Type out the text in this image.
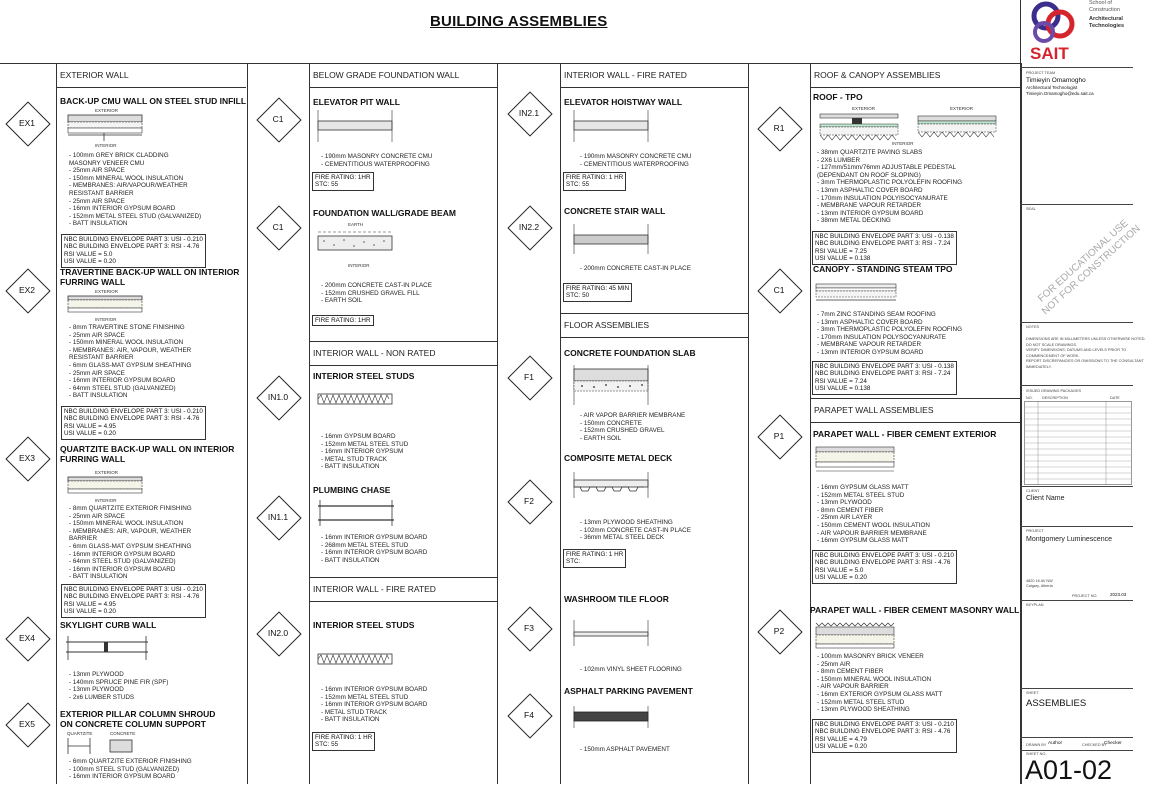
BUILDING ASSEMBLIES
EXTERIOR WALL	BELOW GRADE FOUNDATION WALL	INTERIOR WALL - FIRE RATED	ROOF & CANOPY ASSEMBLIES
INTERIOR WALL - NON RATED
INTERIOR WALL - FIRE RATED
FLOOR ASSEMBLIES
PARAPET WALL ASSEMBLIES
EX1
EX2
EX3
EX4
EX5
C1
C1
IN1.0
IN1.1
IN2.0
IN2.1
IN2.2
F1
F2
F3
F4
R1
C1
P1
P2
BACK-UP CMU WALL ON STEEL STUD INFILL
EXTERIOR
INTERIOR
- 100mm GREY BRICK CLADDING
MASONRY VENEER CMU
- 25mm AIR SPACE
- 150mm MINERAL WOOL INSULATION
- MEMBRANES: AIR/VAPOUR/WEATHER
RESISTANT BARRIER
- 25mm AIR SPACE
- 16mm INTERIOR GYPSUM BOARD
- 152mm METAL STEEL STUD (GALVANIZED)
- BATT INSULATION
NBC BUILDING ENVELOPE PART 3: USI - 0.210
NBC BUILDING ENVELOPE PART 3: RSI - 4.76
RSI VALUE = 5.0
USI VALUE = 0.20
TRAVERTINE BACK-UP WALL ON INTERIOR
FURRING WALL
EXTERIOR
INTERIOR
- 8mm TRAVERTINE STONE FINISHING
- 25mm AIR SPACE
- 150mm MINERAL WOOL INSULATION
- MEMBRANES: AIR, VAPOUR, WEATHER
RESISTANT BARRIER
- 6mm GLASS-MAT GYPSUM SHEATHING
- 25mm AIR SPACE
- 16mm INTERIOR GYPSUM BOARD
- 64mm STEEL STUD (GALVANIZED)
- BATT INSULATION
NBC BUILDING ENVELOPE PART 3: USI - 0.210
NBC BUILDING ENVELOPE PART 3: RSI - 4.76
RSI VALUE = 4.95
USI VALUE = 0.20
QUARTZITE BACK-UP WALL ON INTERIOR
FURRING WALL
EXTERIOR
INTERIOR
- 8mm QUARTZITE EXTERIOR FINISHING
- 25mm AIR SPACE
- 150mm MINERAL WOOL INSULATION
- MEMBRANES: AIR, VAPOUR, WEATHER
BARRIER
- 6mm GLASS-MAT GYPSUM SHEATHING
- 16mm INTERIOR GYPSUM BOARD
- 64mm STEEL STUD (GALVANIZED)
- 16mm INTERIOR GYPSUM BOARD
- BATT INSULATION
NBC BUILDING ENVELOPE PART 3: USI - 0.210
NBC BUILDING ENVELOPE PART 3: RSI - 4.76
RSI VALUE = 4.95
USI VALUE = 0.20
SKYLIGHT CURB WALL
- 13mm PLYWOOD
- 140mm SPRUCE PINE FIR (SPF)
- 13mm PLYWOOD
- 2x6 LUMBER STUDS
EXTERIOR PILLAR COLUMN SHROUD
ON CONCRETE COLUMN SUPPORT
QUARTZITE	CONCRETE
- 6mm QUARTZITE EXTERIOR FINISHING
- 100mm STEEL STUD (GALVANIZED)
- 16mm INTERIOR GYPSUM BOARD
ELEVATOR PIT WALL
- 190mm MASONRY CONCRETE CMU
- CEMENTITIOUS WATERPROOFING
FIRE RATING: 1HR
STC: 55
FOUNDATION WALL/GRADE BEAM
EARTH
INTERIOR
- 200mm CONCRETE CAST-IN PLACE
- 152mm CRUSHED GRAVEL FILL
- EARTH SOIL
FIRE RATING: 1HR
INTERIOR STEEL STUDS
- 16mm GYPSUM BOARD
- 152mm METAL STEEL STUD
- 16mm INTERIOR GYPSUM
- METAL STUD TRACK
- BATT INSULATION
PLUMBING CHASE
- 16mm INTERIOR GYPSUM BOARD
- 268mm METAL STEEL STUD
- 16mm INTERIOR GYPSUM BOARD
- BATT INSULATION
INTERIOR STEEL STUDS
- 16mm INTERIOR GYPSUM BOARD
- 152mm METAL STEEL STUD
- 16mm INTERIOR GYPSUM BOARD
- METAL STUD TRACK
- BATT INSULATION
FIRE RATING: 1 HR
STC: 55
ELEVATOR HOISTWAY WALL
- 190mm MASONRY CONCRETE CMU
- CEMENTITIOUS WATERPROOFING
FIRE RATING: 1 HR
STC: 55
CONCRETE STAIR WALL
- 200mm CONCRETE CAST-IN PLACE
FIRE RATING: 45 MIN
STC: 50
CONCRETE FOUNDATION SLAB
- AIR VAPOR BARRIER MEMBRANE
- 150mm CONCRETE
- 152mm CRUSHED GRAVEL
- EARTH SOIL
COMPOSITE METAL DECK
- 13mm PLYWOOD SHEATHING
- 102mm CONCRETE CAST-IN PLACE
- 36mm METAL STEEL DECK
FIRE RATING: 1 HR
STC:
WASHROOM TILE FLOOR
- 102mm VINYL SHEET FLOORING
ASPHALT PARKING PAVEMENT
- 150mm ASPHALT PAVEMENT
ROOF - TPO
EXTERIOR	EXTERIOR
INTERIOR
- 38mm QUARTZITE PAVING SLABS
- 2X6 LUMBER
- 127mm/51mm/76mm ADJUSTABLE PEDESTAL
(DEPENDANT ON ROOF SLOPING)
- 3mm THERMOPLASTIC POLYOLEFIN ROOFING
- 13mm ASPHALTIC COVER BOARD
- 170mm INSULATION POLYISOCYANURATE
- MEMBRANE VAPOUR RETARDER
- 13mm INTERIOR GYPSUM BOARD
- 38mm METAL DECKING
NBC BUILDING ENVELOPE PART 3: USI - 0.138
NBC BUILDING ENVELOPE PART 3: RSI - 7.24
RSI VALUE = 7.25
USI VALUE = 0.138
CANOPY - STANDING STEAM TPO
- 7mm ZINC STANDING SEAM ROOFING
- 13mm ASPHALTIC COVER BOARD
- 3mm THERMOPLASTIC POLYOLEFIN ROOFING
- 170mm INSULATION POLYSOCYANURATE
- MEMBRANE VAPOUR RETARDER
- 13mm INTERIOR GYPSUM BOARD
NBC BUILDING ENVELOPE PART 3: USI - 0.138
NBC BUILDING ENVELOPE PART 3: RSI - 7.24
RSI VALUE = 7.24
USI VALUE = 0.138
PARAPET WALL - FIBER CEMENT EXTERIOR
- 16mm GYPSUM GLASS MATT
- 152mm METAL STEEL STUD
- 13mm PLYWOOD
- 8mm CEMENT FIBER
- 25mm AIR LAYER
- 150mm CEMENT WOOL INSULATION
- AIR VAPOUR BARRIER MEMBRANE
- 16mm GYPSUM GLASS MATT
NBC BUILDING ENVELOPE PART 3: USI - 0.210
NBC BUILDING ENVELOPE PART 3: RSI - 4.76
RSI VALUE = 5.0
USI VALUE = 0.20
PARAPET WALL - FIBER CEMENT MASONRY WALL
- 100mm MASONRY BRICK VENEER
- 25mm AIR
- 8mm CEMENT FIBER
- 150mm MINERAL WOOL INSULATION
- AIR VAPOUR BARRIER
- 16mm EXTERIOR GYPSUM GLASS MATT
- 152mm METAL STEEL STUD
- 13mm PLYWOOD SHEATHING
NBC BUILDING ENVELOPE PART 3: USI - 0.210
NBC BUILDING ENVELOPE PART 3: RSI - 4.76
RSI VALUE = 4.79
USI VALUE = 0.20
SAIT
School of
Construction
Architectural
Technologies
PROJECT TEAM
Timieyin Omamogho
Architectural Technologist
Timieyin.Omamogho@edu.sait.ca
SEAL
FOR EDUCATIONAL USE
NOT FOR CONSTRUCTION
NOTES
DIMENSIONS ARE IN MILLIMETERS UNLESS OTHERWISE NOTED.
DO NOT SCALE DRAWINGS.
VERIFY DIMENSIONS, DATUMS AND LEVELS PRIOR TO
COMMENCEMENT OF WORK.
REPORT DISCREPANCIES OR OMISSIONS TO THE CONSULTANT
IMMEDIATELY.
ISSUED DRAWING PACKAGES
NO. DESCRIPTION	DATE
CLIENT
Client Name
PROJECT
Montgomery Luminescence
4820 16 AV NW
Calgary, Alberta
PROJECT NO.	2023.03
KEYPLAN
SHEET
ASSEMBLIES
DRAWN BY Author	CHECKED BY
Checker
SHEET NO.
A01-02
